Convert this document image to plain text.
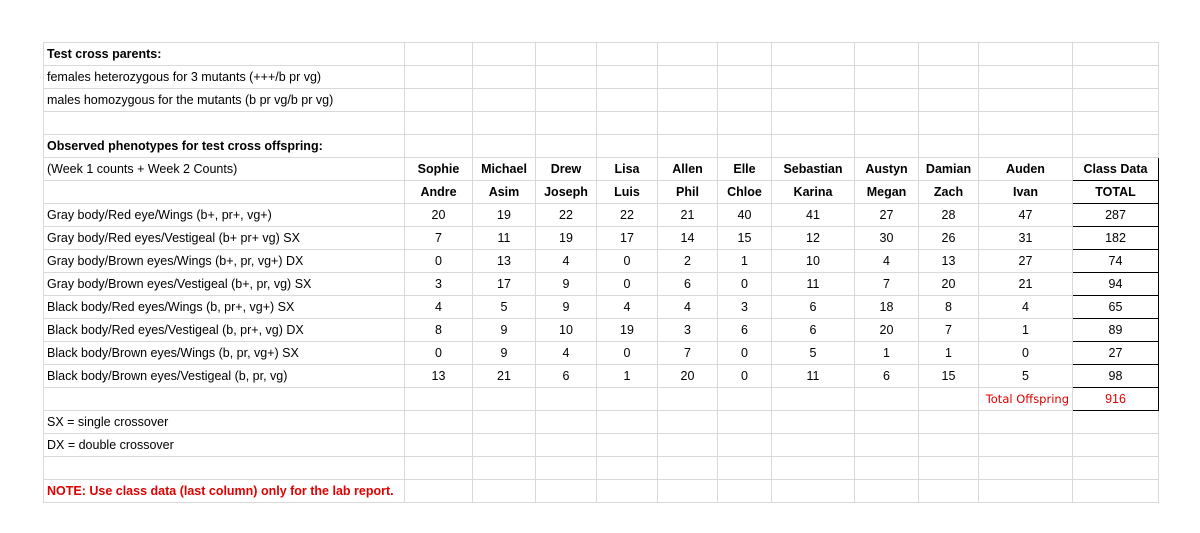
Test cross parents:											
females heterozygous for 3 mutants (+++/b pr vg)											
males homozygous for the mutants (b pr vg/b pr vg)											

Observed phenotypes for test cross offspring:											
(Week 1 counts + Week 2 Counts)	Sophie	Michael	Drew	Lisa	Allen	Elle	Sebastian	Austyn	Damian	Auden	Class Data
	Andre	Asim	Joseph	Luis	Phil	Chloe	Karina	Megan	Zach	Ivan	TOTAL
Gray body/Red eye/Wings (b+, pr+, vg+)	20	19	22	22	21	40	41	27	28	47	287
Gray body/Red eyes/Vestigeal (b+ pr+ vg) SX	7	11	19	17	14	15	12	30	26	31	182
Gray body/Brown eyes/Wings (b+, pr, vg+) DX	0	13	4	0	2	1	10	4	13	27	74
Gray body/Brown eyes/Vestigeal (b+, pr, vg) SX	3	17	9	0	6	0	11	7	20	21	94
Black body/Red eyes/Wings (b, pr+, vg+) SX	4	5	9	4	4	3	6	18	8	4	65
Black body/Red eyes/Vestigeal (b, pr+, vg) DX	8	9	10	19	3	6	6	20	7	1	89
Black body/Brown eyes/Wings (b, pr, vg+) SX	0	9	4	0	7	0	5	1	1	0	27
Black body/Brown eyes/Vestigeal (b, pr, vg)	13	21	6	1	20	0	11	6	15	5	98
										Total Offspring	916
SX = single crossover											
DX = double crossover											

NOTE: Use class data (last column) only for the lab report.											
